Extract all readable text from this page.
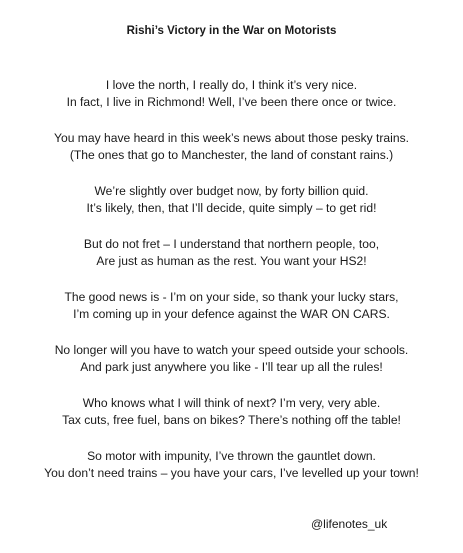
Rishi’s Victory in the War on Motorists
I love the north, I really do, I think it’s very nice.
In fact, I live in Richmond! Well, I’ve been there once or twice.
You may have heard in this week’s news about those pesky trains.
(The ones that go to Manchester, the land of constant rains.)
We’re slightly over budget now, by forty billion quid.
It’s likely, then, that I’ll decide, quite simply – to get rid!
But do not fret – I understand that northern people, too,
Are just as human as the rest. You want your HS2!
The good news is - I’m on your side, so thank your lucky stars,
I’m coming up in your defence against the WAR ON CARS.
No longer will you have to watch your speed outside your schools.
And park just anywhere you like - I’ll tear up all the rules!
Who knows what I will think of next? I’m very, very able.
Tax cuts, free fuel, bans on bikes? There’s nothing off the table!
So motor with impunity, I’ve thrown the gauntlet down.
You don’t need trains – you have your cars, I’ve levelled up your town!
@lifenotes_uk
